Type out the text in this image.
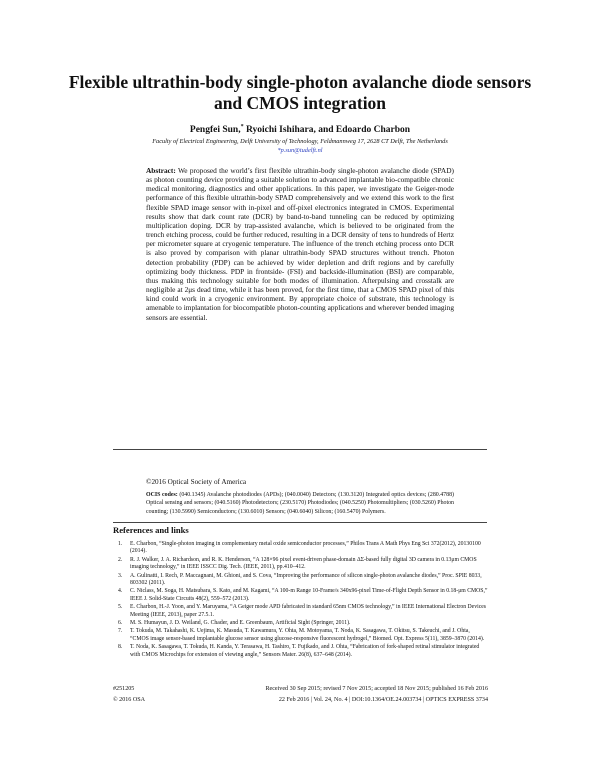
Flexible ultrathin-body single-photon avalanche diode sensors and CMOS integration
Pengfei Sun,* Ryoichi Ishihara, and Edoardo Charbon
Faculty of Electrical Engineering, Delft University of Technology, Feldmannweg 17, 2628 CT Delft, The Netherlands
*p.sun@tudelft.nl
Abstract: We proposed the world’s first flexible ultrathin-body single-photon avalanche diode (SPAD) as photon counting device providing a suitable solution to advanced implantable bio-compatible chronic medical monitoring, diagnostics and other applications. In this paper, we investigate the Geiger-mode performance of this flexible ultrathin-body SPAD comprehensively and we extend this work to the first flexible SPAD image sensor with in-pixel and off-pixel electronics integrated in CMOS. Experimental results show that dark count rate (DCR) by band-to-band tunneling can be reduced by optimizing multiplication doping. DCR by trap-assisted avalanche, which is believed to be originated from the trench etching process, could be further reduced, resulting in a DCR density of tens to hundreds of Hertz per micrometer square at cryogenic temperature. The influence of the trench etching process onto DCR is also proved by comparison with planar ultrathin-body SPAD structures without trench. Photon detection probability (PDP) can be achieved by wider depletion and drift regions and by carefully optimizing body thickness. PDP in frontside- (FSI) and backside-illumination (BSI) are comparable, thus making this technology suitable for both modes of illumination. Afterpulsing and crosstalk are negligible at 2μs dead time, while it has been proved, for the first time, that a CMOS SPAD pixel of this kind could work in a cryogenic environment. By appropriate choice of substrate, this technology is amenable to implantation for biocompatible photon-counting applications and wherever bended imaging sensors are essential.
©2016 Optical Society of America
OCIS codes: (040.1345) Avalanche photodiodes (APDs); (040.0040) Detectors; (130.3120) Integrated optics devices; (280.4788) Optical sensing and sensors; (040.5160) Photodetectors; (230.5170) Photodiodes; (040.5250) Photomultipliers; (030.5260) Photon counting; (130.5990) Semiconductors; (130.6010) Sensors; (040.6040) Silicon; (160.5470) Polymers.
References and links
1. E. Charbon, “Single-photon imaging in complementary metal oxide semiconductor processes,” Philos Trans A Math Phys Eng Sci 372(2012), 20130100 (2014).
2. R. J. Walker, J. A. Richardson, and R. K. Henderson, “A 128×96 pixel event-driven phase-domain ΔΣ-based fully digital 3D camera in 0.13μm CMOS imaging technology,” in IEEE ISSCC Dig. Tech. (IEEE, 2011), pp.410–412.
3. A. Gulinatti, I. Rech, P. Maccagnani, M. Ghioni, and S. Cova, “Improving the performance of silicon single-photon avalanche diodes,” Proc. SPIE 8033, 803302 (2011).
4. C. Niclass, M. Soga, H. Matsubara, S. Kato, and M. Kagami, “A 100-m Range 10-Frame/s 340x96-pixel Time-of-Flight Depth Sensor in 0.18-μm CMOS,” IEEE J. Solid-State Circuits 48(2), 559–572 (2013).
5. E. Charbon, H.-J. Yoon, and Y. Maruyama, “A Geiger mode APD fabricated in standard 65nm CMOS technology,” in IEEE International Electron Devices Meeting (IEEE, 2013), paper 27.5.1.
6. M. S. Humayun, J. D. Weiland, G. Chader, and E. Greenbaum, Artificial Sight (Springer, 2011).
7. T. Tokuda, M. Takahashi, K. Uejima, K. Masuda, T. Kawamura, Y. Ohta, M. Motoyama, T. Noda, K. Sasagawa, T. Okitsu, S. Takeuchi, and J. Ohta, “CMOS image sensor-based implantable glucose sensor using glucose-responsive fluorescent hydrogel,” Biomed. Opt. Express 5(11), 3859–3870 (2014).
8. T. Noda, K. Sasagawa, T. Tokuda, H. Kanda, Y. Terasawa, H. Tashiro, T. Fujikado, and J. Ohta, “Fabrication of fork-shaped retinal stimulator integrated with CMOS Microchips for extension of viewing angle,” Sensors Mater. 26(8), 637–648 (2014).
#251205	Received 30 Sep 2015; revised 7 Nov 2015; accepted 18 Nov 2015; published 16 Feb 2016
© 2016 OSA	22 Feb 2016 | Vol. 24, No. 4 | DOI:10.1364/OE.24.003734 | OPTICS EXPRESS 3734
